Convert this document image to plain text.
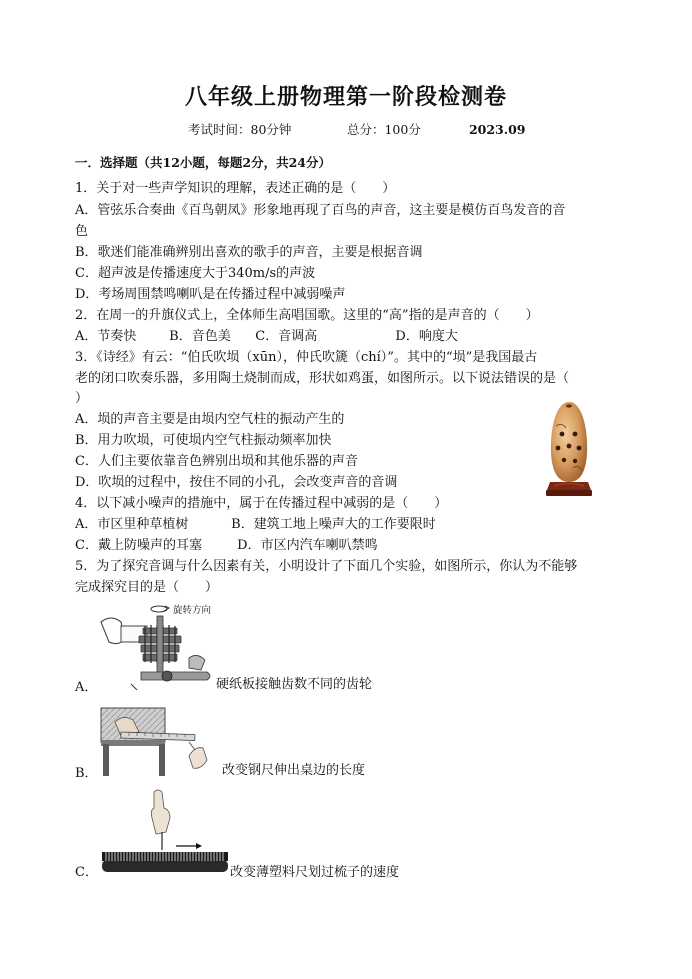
八年级上册物理第一阶段检测卷
考试时间：80分钟	总分：100分	2023.09
一．选择题（共12小题，每题2分，共24分）
1．关于对一些声学知识的理解，表述正确的是（　　）
A．管弦乐合奏曲《百鸟朝凤》形象地再现了百鸟的声音，这主要是模仿百鸟发音的音
色
B．歌迷们能准确辨别出喜欢的歌手的声音，主要是根据音调
C．超声波是传播速度大于340m/s的声波
D．考场周围禁鸣喇叭是在传播过程中减弱噪声
2．在周一的升旗仪式上，全体师生高唱国歌。这里的“高”指的是声音的（　　）
A．节奏快	B．音色美 C．音调高	D．响度大
3．《诗经》有云：“伯氏吹埙（xūn），仲氏吹篪（chí）”。其中的“埙”是我国最古
老的闭口吹奏乐器，多用陶土烧制而成，形状如鸡蛋，如图所示。以下说法错误的是（
）
A．埙的声音主要是由埙内空气柱的振动产生的
B．用力吹埙，可使埙内空气柱振动频率加快
C．人们主要依靠音色辨别出埙和其他乐器的声音
D．吹埙的过程中，按住不同的小孔，会改变声音的音调
4．以下减小噪声的措施中，属于在传播过程中减弱的是（　　）
A．市区里种草植树	B．建筑工地上噪声大的工作要限时
C．戴上防噪声的耳塞	D．市区内汽车喇叭禁鸣
5．为了探究音调与什么因素有关，小明设计了下面几个实验，如图所示，你认为不能够
完成探究目的是（　　）
A．
旋转方向
硬纸板接触齿数不同的齿轮
B．	改变钢尺伸出桌边的长度
C．	改变薄塑料尺划过梳子的速度
